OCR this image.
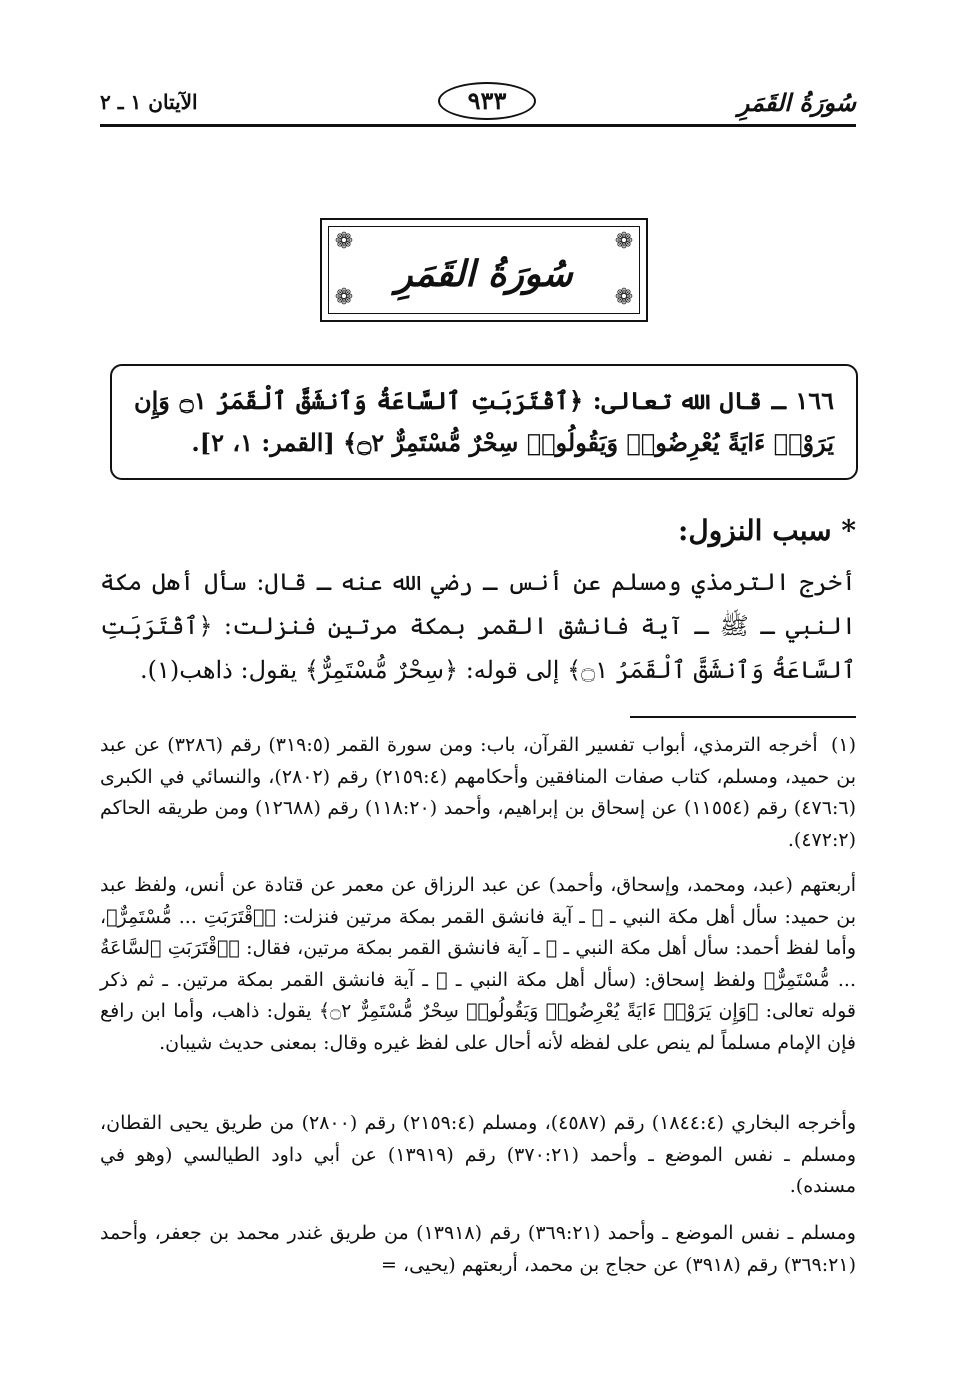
سُورَةُ القَمَرِ
٩٣٣
الآيتان ١ ـ ٢
❁	❁
❁	❁
سُورَةُ القَمَرِ
١٦٦ ـ قال الله تعالى: ﴿ٱقْتَرَبَتِ ٱلسَّاعَةُ وَٱنشَقَّ ٱلْقَمَرُ ۝١ وَإِن يَرَوْا۟ ءَايَةً يُعْرِضُوا۟ وَيَقُولُوا۟ سِحْرٌ مُّسْتَمِرٌّ ۝٢﴾ [القمر: ١، ٢].
* سبب النزول:
أخرج الترمذي ومسلم عن أنس ـ رضي الله عنه ـ قال: سأل أهل مكة النبي ـ ﷺ ـ آية فانشق القمر بمكة مرتين فنزلت: ﴿ٱقْتَرَبَتِ ٱلسَّاعَةُ وَٱنشَقَّ ٱلْقَمَرُ ۝١﴾ إلى قوله: ﴿سِحْرٌ مُّسْتَمِرٌّ﴾ يقول: ذاهب(١).
(١) أخرجه الترمذي، أبواب تفسير القرآن، باب: ومن سورة القمر (٣١٩:٥) رقم (٣٢٨٦) عن عبد بن حميد، ومسلم، كتاب صفات المنافقين وأحكامهم (٢١٥٩:٤) رقم (٢٨٠٢)، والنسائي في الكبرى (٤٧٦:٦) رقم (١١٥٥٤) عن إسحاق بن إبراهيم، وأحمد (١١٨:٢٠) رقم (١٢٦٨٨) ومن طريقه الحاكم (٤٧٢:٢).
أربعتهم (عبد، ومحمد، وإسحاق، وأحمد) عن عبد الرزاق عن معمر عن قتادة عن أنس، ولفظ عبد بن حميد: سأل أهل مكة النبي ـ ﷺ ـ آية فانشق القمر بمكة مرتين فنزلت: ﴿ٱقْتَرَبَتِ ... مُّسْتَمِرٌّ﴾، وأما لفظ أحمد: سأل أهل مكة النبي ـ ﷺ ـ آية فانشق القمر بمكة مرتين، فقال: ﴿ٱقْتَرَبَتِ ٱلسَّاعَةُ ... مُّسْتَمِرٌّ﴾ ولفظ إسحاق: (سأل أهل مكة النبي ـ ﷺ ـ آية فانشق القمر بمكة مرتين. ـ ثم ذكر قوله تعالى: ﴿وَإِن يَرَوْا۟ ءَايَةً يُعْرِضُوا۟ وَيَقُولُوا۟ سِحْرٌ مُّسْتَمِرٌّ ۝٢﴾ يقول: ذاهب، وأما ابن رافع فإن الإمام مسلماً لم ينص على لفظه لأنه أحال على لفظ غيره وقال: بمعنى حديث شيبان.
وأخرجه البخاري (١٨٤٤:٤) رقم (٤٥٨٧)، ومسلم (٢١٥٩:٤) رقم (٢٨٠٠) من طريق يحيى القطان، ومسلم ـ نفس الموضع ـ وأحمد (٣٧٠:٢١) رقم (١٣٩١٩) عن أبي داود الطيالسي (وهو في مسنده).
ومسلم ـ نفس الموضع ـ وأحمد (٣٦٩:٢١) رقم (١٣٩١٨) من طريق غندر محمد بن جعفر، وأحمد (٣٦٩:٢١) رقم (٣٩١٨) عن حجاج بن محمد، أربعتهم (يحيى، =
